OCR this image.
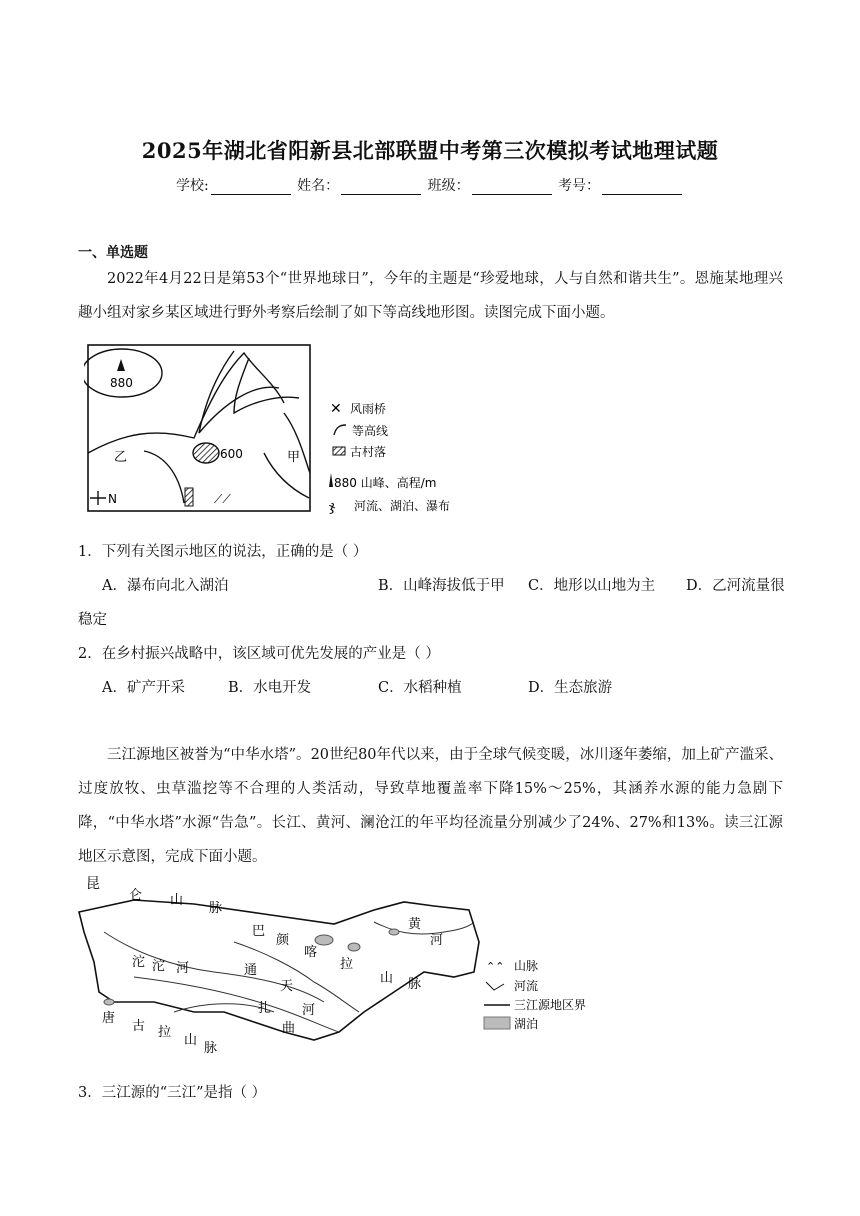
2025年湖北省阳新县北部联盟中考第三次模拟考试地理试题
学校:	姓名：	班级：	考号：
一、单选题
2022年4月22日是第53个“世界地球日”，今年的主题是“珍爱地球，人与自然和谐共生”。恩施某地理兴趣小组对家乡某区域进行野外考察后绘制了如下等高线地形图。读图完成下面小题。
880
600
乙	甲
⟋⟋
N
✕ 风雨桥
等高线
古村落
880 山峰、高程/m
ჯ 河流、湖泊、瀑布
1．下列有关图示地区的说法，正确的是（ ）
A．瀑布向北入湖泊	B．山峰海拔低于甲 C．地形以山地为主 D．乙河流量很
稳定
2．在乡村振兴战略中，该区域可优先发展的产业是（ ）
A．矿产开采	B．水电开发	C．水稻种植	D．生态旅游
三江源地区被誉为“中华水塔”。20世纪80年代以来，由于全球气候变暖，冰川逐年萎缩，加上矿产滥采、过度放牧、虫草滥挖等不合理的人类活动，导致草地覆盖率下降15%～25%，其涵养水源的能力急剧下降，“中华水塔”水源“告急”。长江、黄河、澜沧江的年平均径流量分别减少了24%、27%和13%。读三江源地区示意图，完成下面小题。
昆
仑 山
脉
巴
颜
喀
拉
山 脉
沱 沱 河	通
天
河
扎
曲
黄
河
唐
古 拉
山
脉
⌃⌃ 山脉
河流
三江源地区界
湖泊
3．三江源的“三江”是指（ ）
